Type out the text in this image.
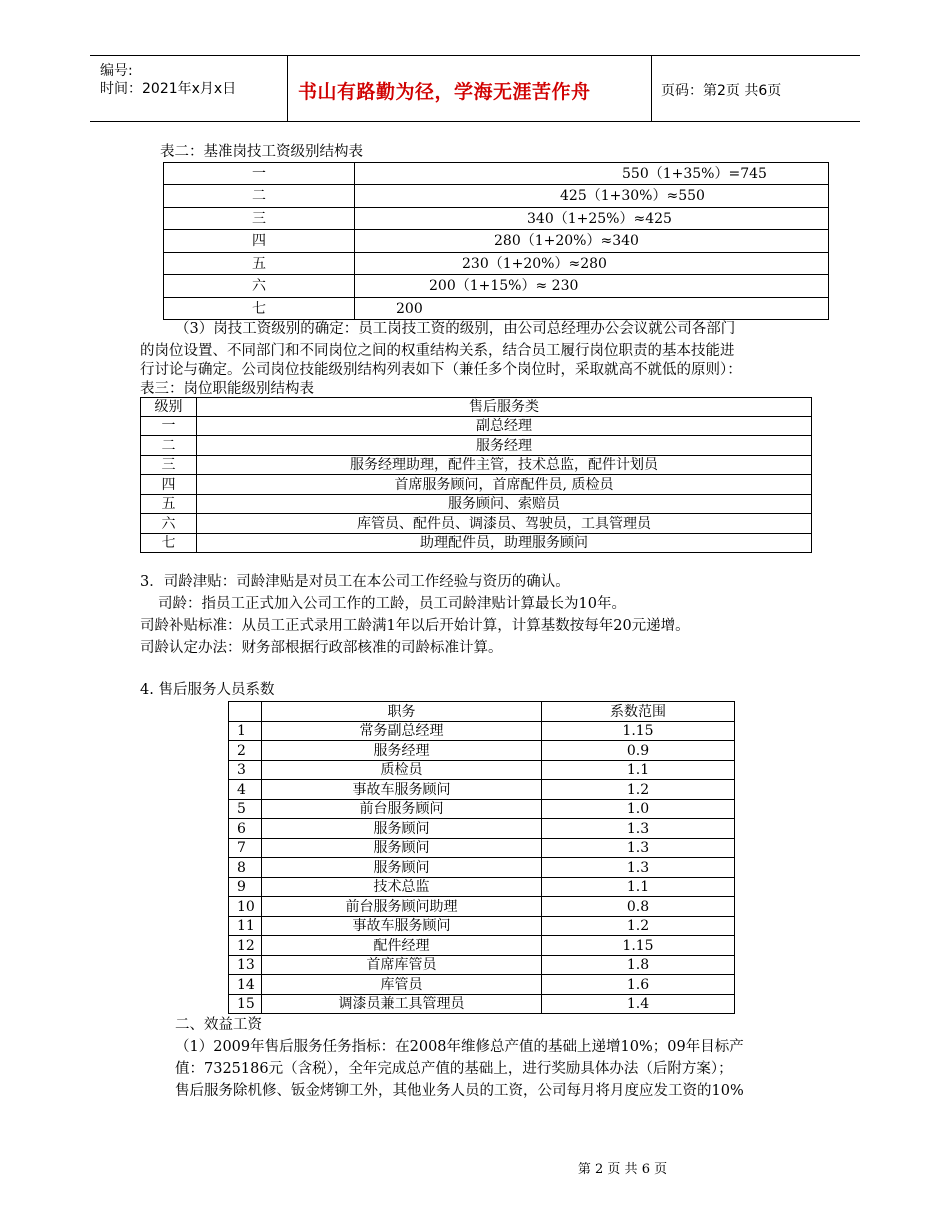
编号:
时间：2021年x月x日	书山有路勤为径，学海无涯苦作舟	页码：第2页 共6页
表二：基准岗技工资级别结构表
一	550（1+35%）=745
二	425（1+30%）≈550
三	340（1+25%）≈425
四	280（1+20%）≈340
五	230（1+20%）≈280
六	200（1+15%）≈ 230
七	200
（3）岗技工资级别的确定：员工岗技工资的级别，由公司总经理办公会议就公司各部门
的岗位设置、不同部门和不同岗位之间的权重结构关系，结合员工履行岗位职责的基本技能进
行讨论与确定。公司岗位技能级别结构列表如下（兼任多个岗位时，采取就高不就低的原则）：
表三：岗位职能级别结构表
级别	售后服务类
一	副总经理
二	服务经理
三	服务经理助理，配件主管，技术总监，配件计划员
四	首席服务顾问，首席配件员, 质检员
五	服务顾问、索赔员
六	库管员、配件员、调漆员、驾驶员，工具管理员
七	助理配件员，助理服务顾问
3．司龄津贴：司龄津贴是对员工在本公司工作经验与资历的确认。
司龄：指员工正式加入公司工作的工龄，员工司龄津贴计算最长为10年。
司龄补贴标准：从员工正式录用工龄满1年以后开始计算，计算基数按每年20元递增。
司龄认定办法：财务部根据行政部核准的司龄标准计算。
4. 售后服务人员系数
	职务	系数范围
1	常务副总经理	1.15
2	服务经理	0.9
3	质检员	1.1
4	事故车服务顾问	1.2
5	前台服务顾问	1.0
6	服务顾问	1.3
7	服务顾问	1.3
8	服务顾问	1.3
9	技术总监	1.1
10	前台服务顾问助理	0.8
11	事故车服务顾问	1.2
12	配件经理	1.15
13	首席库管员	1.8
14	库管员	1.6
15	调漆员兼工具管理员	1.4
二、效益工资
（1）2009年售后服务任务指标：在2008年维修总产值的基础上递增10%；09年目标产
值：7325186元（含税），全年完成总产值的基础上，进行奖励具体办法（后附方案）；
售后服务除机修、钣金烤铆工外，其他业务人员的工资，公司每月将月度应发工资的10%
第 2 页 共 6 页
